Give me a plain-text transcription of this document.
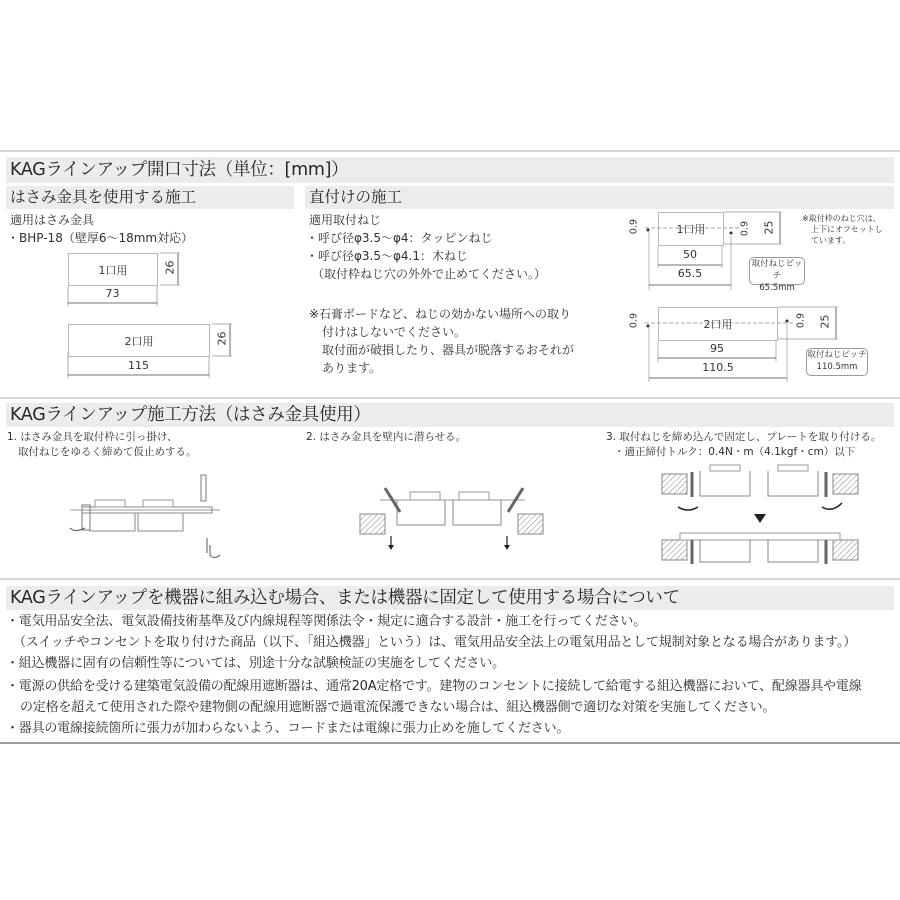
KAGラインアップ開口寸法（単位：[mm]）
はさみ金具を使用する施工	直付けの施工
適用はさみ金具
・BHP-18（壁厚6～18mm対応）
1口用	26
73
2口用	26
115
適用取付ねじ
・呼び径φ3.5～φ4：タッピンねじ
・呼び径φ3.5～φ4.1：木ねじ
（取付枠ねじ穴の外外で止めてください。）
※石膏ボードなど、ねじの効かない場所への取り
付けはしないでください。
取付面が破損したり、器具が脱落するおそれが
あります。
1口用
0.9	0.9 25
50
65.5
取付ねじピッチ
65.5mm
※取付枠のねじ穴は、
上下にオフセットし
ています。
2口用
0.9	0.9 25
95
110.5
取付ねじピッチ
110.5mm
KAGラインアップ施工方法（はさみ金具使用）
1. はさみ金具を取付枠に引っ掛け、
取付ねじをゆるく締めて仮止めする。
2. はさみ金具を壁内に潜らせる。	3. 取付ねじを締め込んで固定し、プレートを取り付ける。
・適正締付トルク：0.4N・m（4.1kgf・cm）以下
KAGラインアップを機器に組み込む場合、または機器に固定して使用する場合について
・電気用品安全法、電気設備技術基準及び内線規程等関係法令・規定に適合する設計・施工を行ってください。
（スイッチやコンセントを取り付けた商品（以下、「組込機器」という）は、電気用品安全法上の電気用品として規制対象となる場合があります。）
・組込機器に固有の信頼性等については、別途十分な試験検証の実施をしてください。
・電源の供給を受ける建築電気設備の配線用遮断器は、通常20A定格です。建物のコンセントに接続して給電する組込機器において、配線器具や電線
の定格を超えて使用された際や建物側の配線用遮断器で過電流保護できない場合は、組込機器側で適切な対策を実施してください。
・器具の電線接続箇所に張力が加わらないよう、コードまたは電線に張力止めを施してください。
